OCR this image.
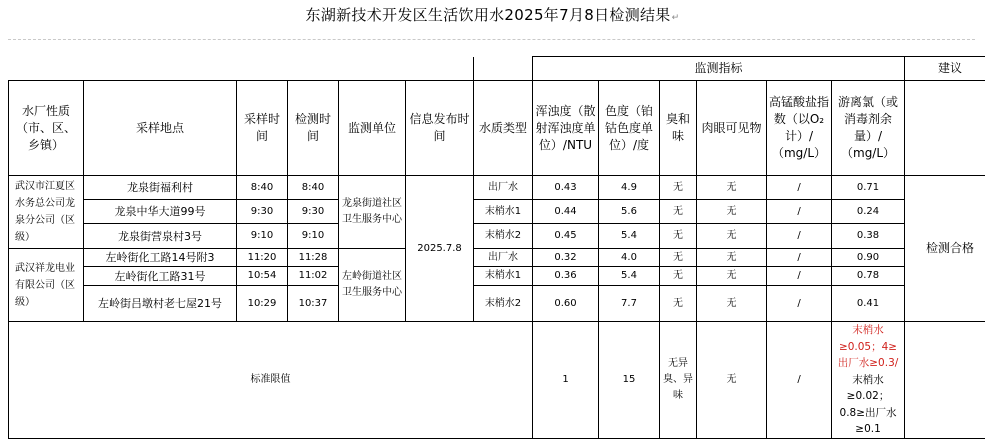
东湖新技术开发区生活饮用水2025年7月8日检测结果↵
							监测指标						建议
水厂性质（市、区、乡镇）	采样地点	采样时间	检测时间	监测单位	信息发布时间	水质类型	浑浊度（散射浑浊度单位）/NTU	色度（铂钴色度单位）/度	臭和味	肉眼可见物	高锰酸盐指数（以O₂计）/（mg/L）	游离氯（或消毒剂余量）/（mg/L）	
武汉市江夏区水务总公司龙泉分公司（区级）	龙泉街福利村	8:40	8:40	龙泉街道社区卫生服务中心	2025.7.8	出厂水	0.43	4.9	无	无	/	0.71	检测合格
	龙泉中华大道99号	9:30	9:30			末梢水1	0.44	5.6	无	无	/	0.24	
	龙泉街营泉村3号	9:10	9:10			末梢水2	0.45	5.4	无	无	/	0.38	
武汉祥龙电业有限公司（区级）	左岭街化工路14号附3	11:20	11:28	左岭街道社区卫生服务中心		出厂水	0.32	4.0	无	无	/	0.90	
	左岭街化工路31号	10:54	11:02			末梢水1	0.36	5.4	无	无	/	0.78	
	左岭街吕墩村老七屋21号	10:29	10:37			末梢水2	0.60	7.7	无	无	/	0.41	
标准限值							1	15	无异臭、异味	无	/	末梢水≥0.05；4≥出厂水≥0.3/
末梢水≥0.02；0.8≥出厂水≥0.1	
